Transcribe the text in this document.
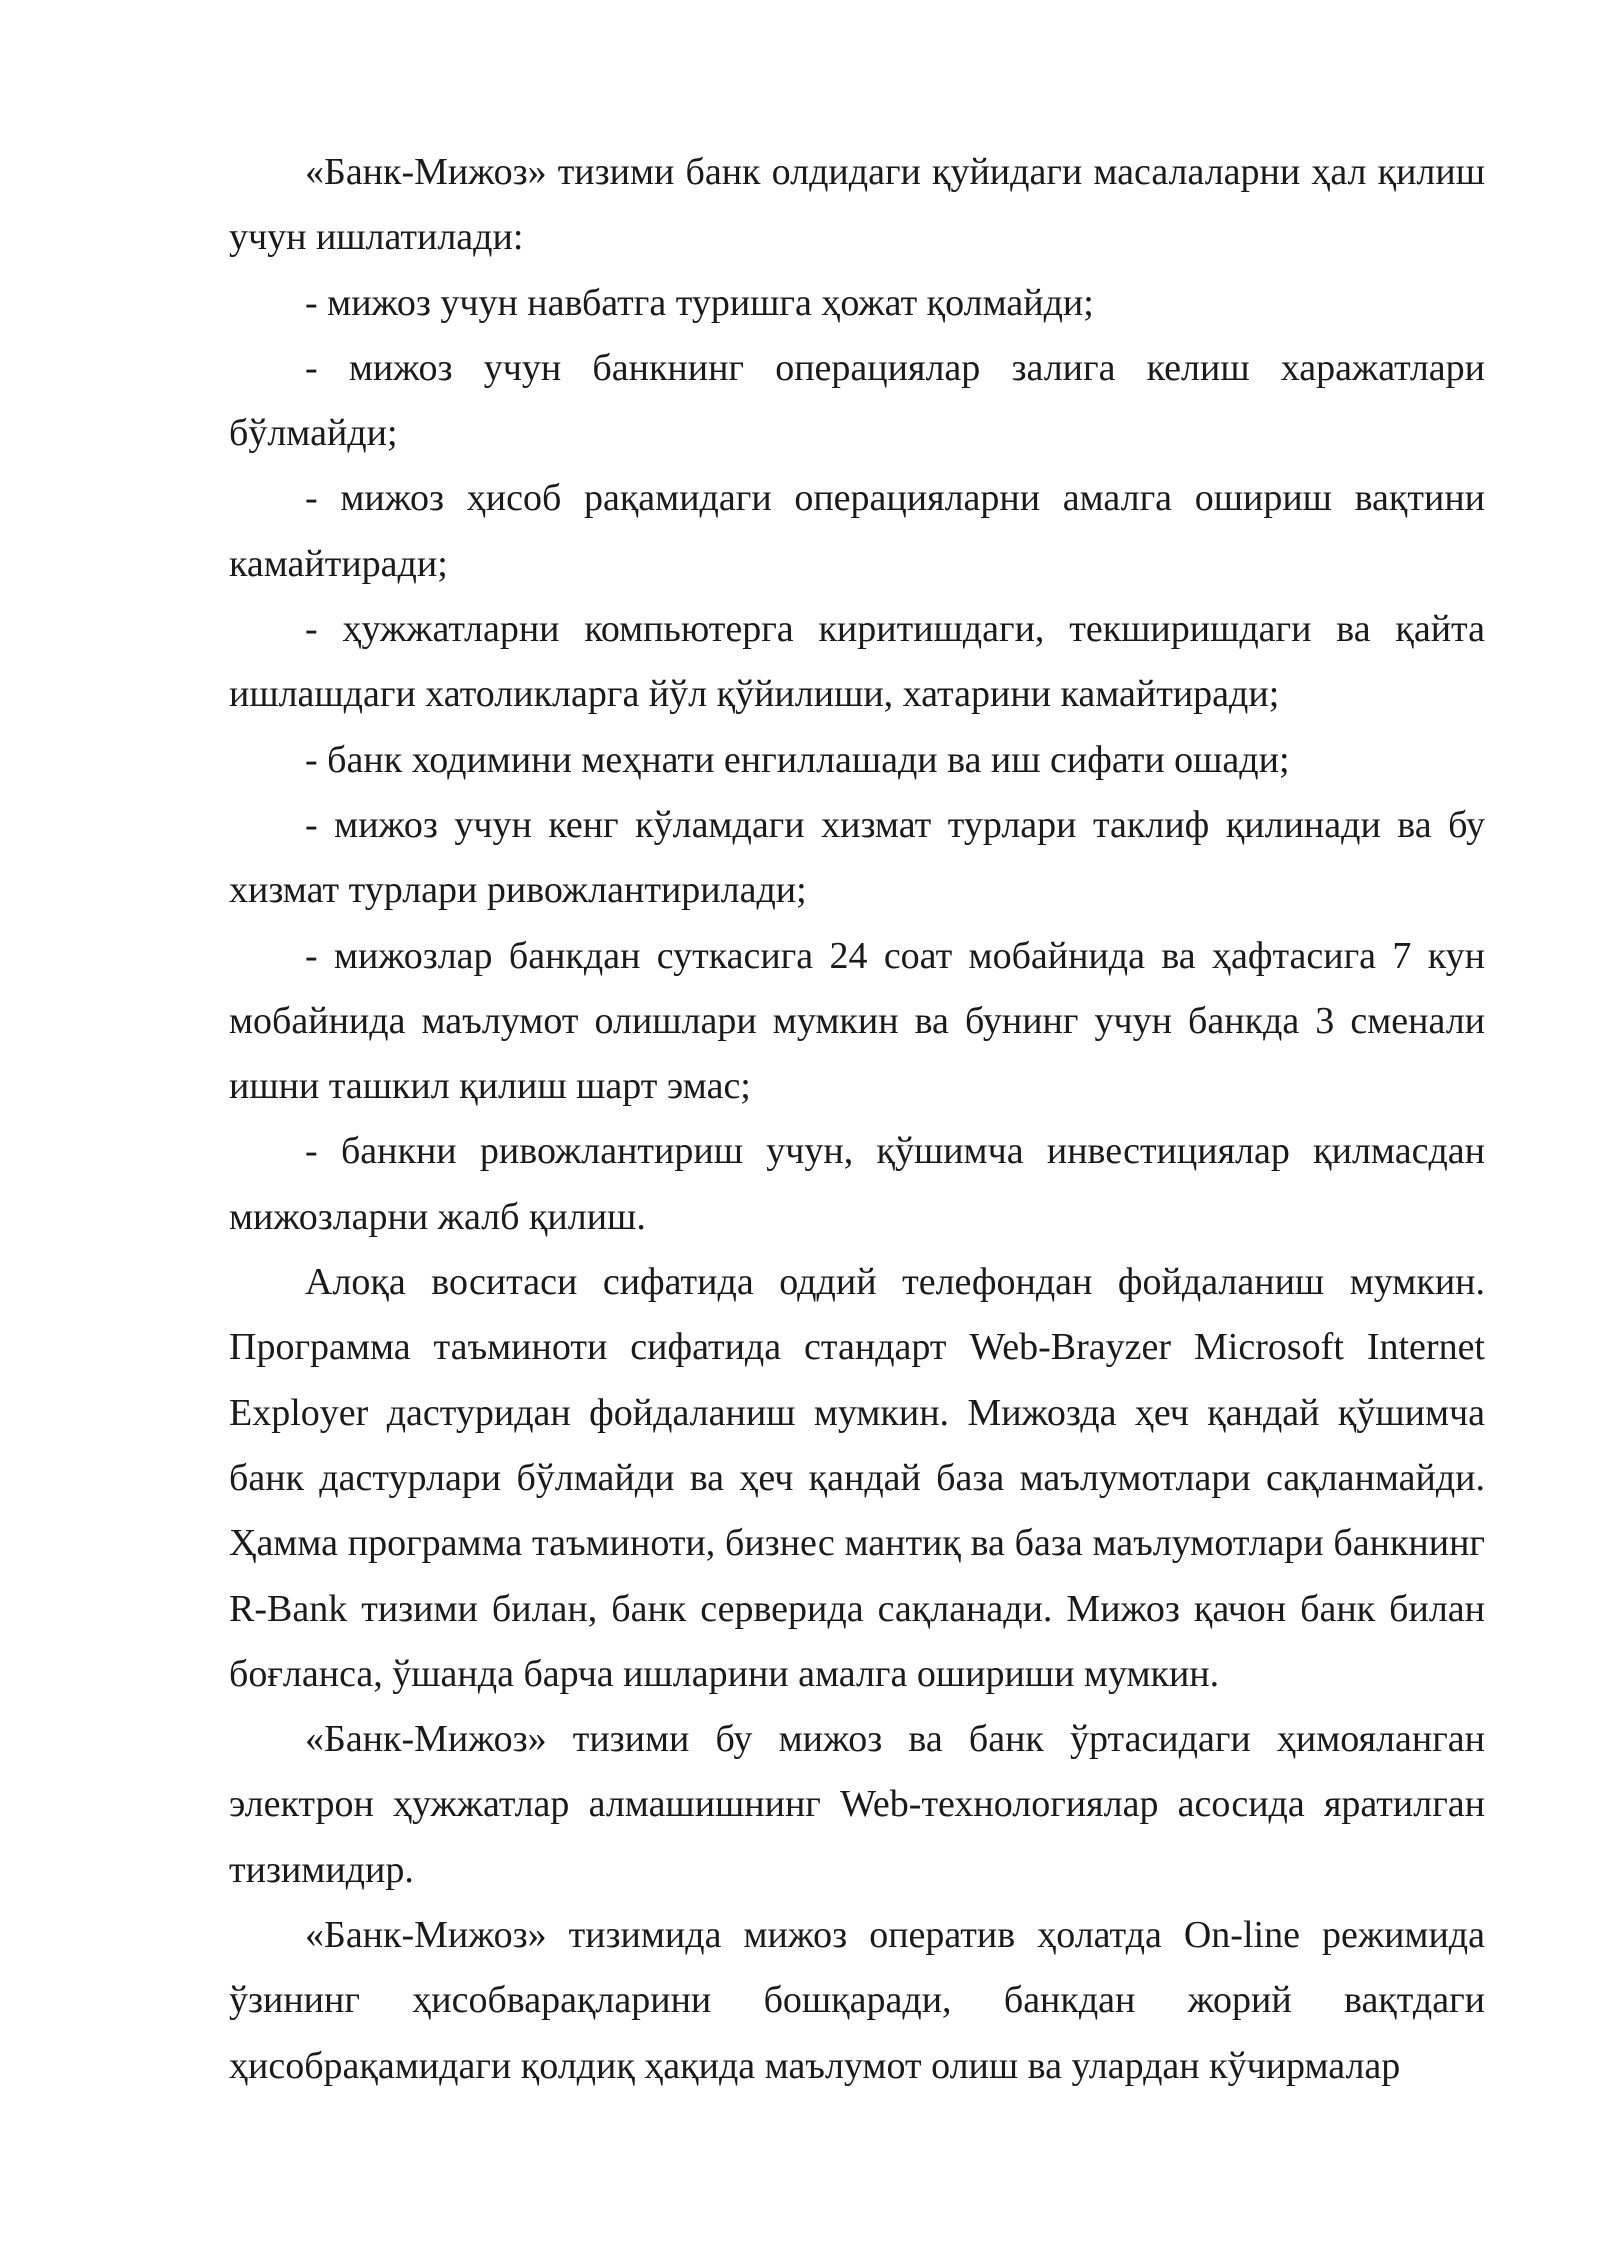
«Банк-Мижоз» тизими банк олдидаги қуйидаги масалаларни ҳал қилиш учун ишлатилади:

- мижоз учун навбатга туришга ҳожат қолмайди;

- мижоз учун банкнинг операциялар залига келиш харажатлари бўлмайди;

- мижоз ҳисоб рақамидаги операцияларни амалга ошириш вақтини камайтиради;

- ҳужжатларни компьютерга киритишдаги, текширишдаги ва қайта ишлашдаги хатоликларга йўл қўйилиши, хатарини камайтиради;

- банк ходимини меҳнати енгиллашади ва иш сифати ошади;

- мижоз учун кенг кўламдаги хизмат турлари таклиф қилинади ва бу хизмат турлари ривожлантирилади;

- мижозлар банкдан суткасига 24 соат мобайнида ва ҳафтасига 7 кун мобайнида маълумот олишлари мумкин ва бунинг учун банкда 3 сменали ишни ташкил қилиш шарт эмас;

- банкни ривожлантириш учун, қўшимча инвестициялар қилмасдан мижозларни жалб қилиш.

Алоқа воситаси сифатида оддий телефондан фойдаланиш мумкин. Программа таъминоти сифатида стандарт Web-Brayzer Microsoft Internet Exployer дастуридан фойдаланиш мумкин. Мижозда ҳеч қандай қўшимча банк дастурлари бўлмайди ва ҳеч қандай база маълумотлари сақланмайди. Ҳамма программа таъминоти, бизнес мантиқ ва база маълумотлари банкнинг R-Bank тизими билан, банк серверида сақланади. Мижоз қачон банк билан боғланса, ўшанда барча ишларини амалга ошириши мумкин.

«Банк-Мижоз» тизими бу мижоз ва банк ўртасидаги ҳимояланган электрон ҳужжатлар алмашишнинг Web-технологиялар асосида яратилган тизимидир.

«Банк-Мижоз» тизимида мижоз оператив ҳолатда On-line режимида ўзининг ҳисобварақларини бошқаради, банкдан жорий вақтдаги ҳисобрақамидаги қолдиқ ҳақида маълумот олиш ва улардан кўчирмалар
